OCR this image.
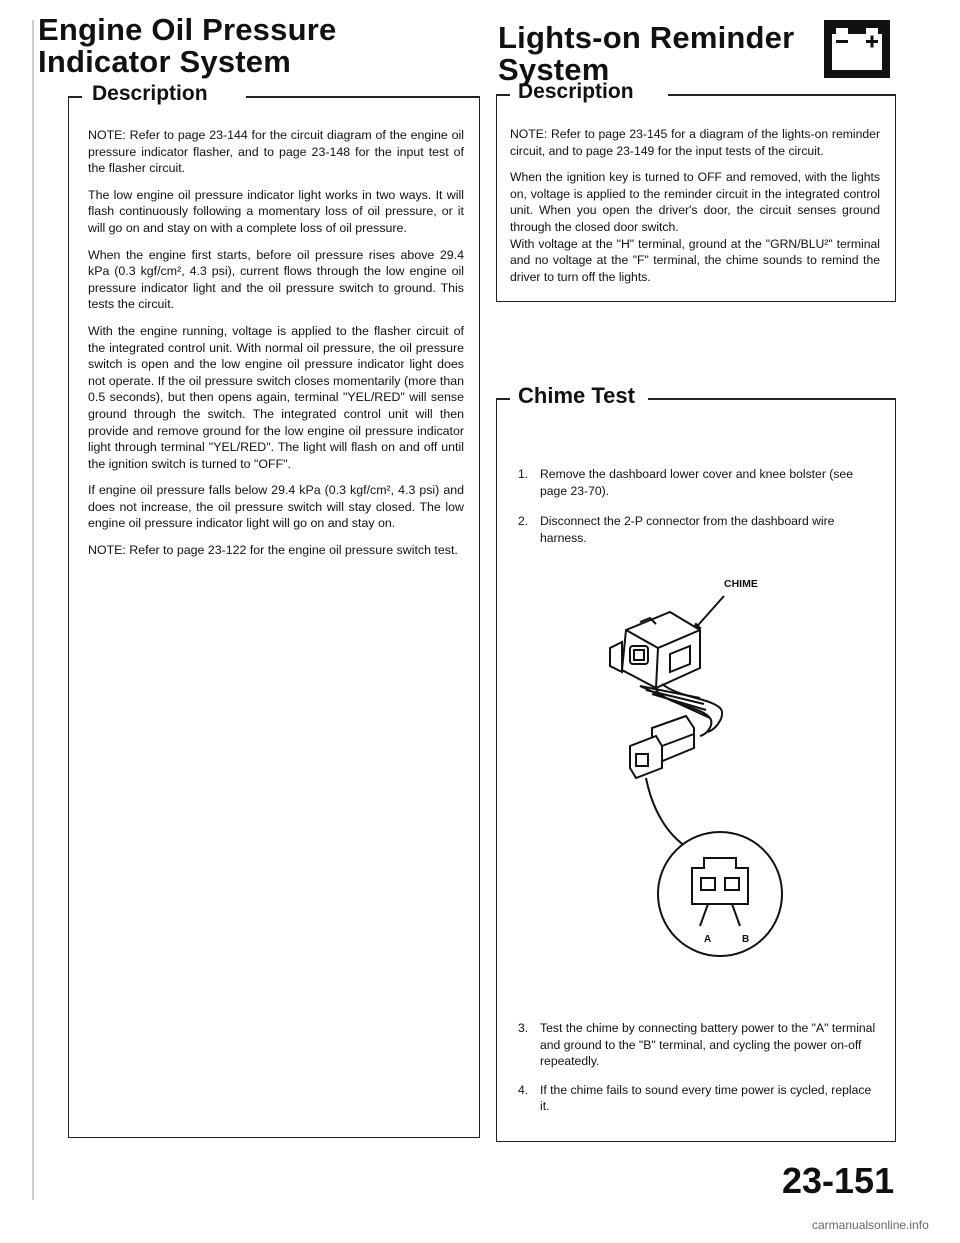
Engine Oil Pressure
Indicator System
Description

NOTE: Refer to page 23-144 for the circuit diagram of the engine oil pressure indicator flasher, and to page 23-148 for the input test of the flasher circuit.

The low engine oil pressure indicator light works in two ways. It will flash continuously following a momentary loss of oil pressure, or it will go on and stay on with a complete loss of oil pressure.

When the engine first starts, before oil pressure rises above 29.4 kPa (0.3 kgf/cm², 4.3 psi), current flows through the low engine oil pressure indicator light and the oil pressure switch to ground. This tests the circuit.

With the engine running, voltage is applied to the flasher circuit of the integrated control unit. With normal oil pressure, the oil pressure switch is open and the low engine oil pressure indicator light does not operate. If the oil pressure switch closes momentarily (more than 0.5 seconds), but then opens again, terminal "YEL/RED" will sense ground through the switch. The integrated control unit will then provide and remove ground for the low engine oil pressure indicator light through terminal "YEL/RED". The light will flash on and off until the ignition switch is turned to "OFF".

If engine oil pressure falls below 29.4 kPa (0.3 kgf/cm², 4.3 psi) and does not increase, the oil pressure switch will stay closed. The low engine oil pressure indicator light will go on and stay on.

NOTE: Refer to page 23-122 for the engine oil pressure switch test.

Lights-on Reminder
System
Description

NOTE: Refer to page 23-145 for a diagram of the lights-on reminder circuit, and to page 23-149 for the input tests of the circuit.

When the ignition key is turned to OFF and removed, with the lights on, voltage is applied to the reminder circuit in the integrated control unit. When you open the driver's door, the circuit senses ground through the closed door switch.

With voltage at the "H" terminal, ground at the "GRN/BLU²" terminal and no voltage at the "F" terminal, the chime sounds to remind the driver to turn off the lights.

Chime Test
1. Remove the dashboard lower cover and knee bolster (see page 23-70).
2. Disconnect the 2-P connector from the dashboard wire harness.
A	B
CHIME
3. Test the chime by connecting battery power to the "A" terminal and ground to the "B" terminal, and cycling the power on-off repeatedly.
4. If the chime fails to sound every time power is cycled, replace it.
23-151
carmanualsonline.info
